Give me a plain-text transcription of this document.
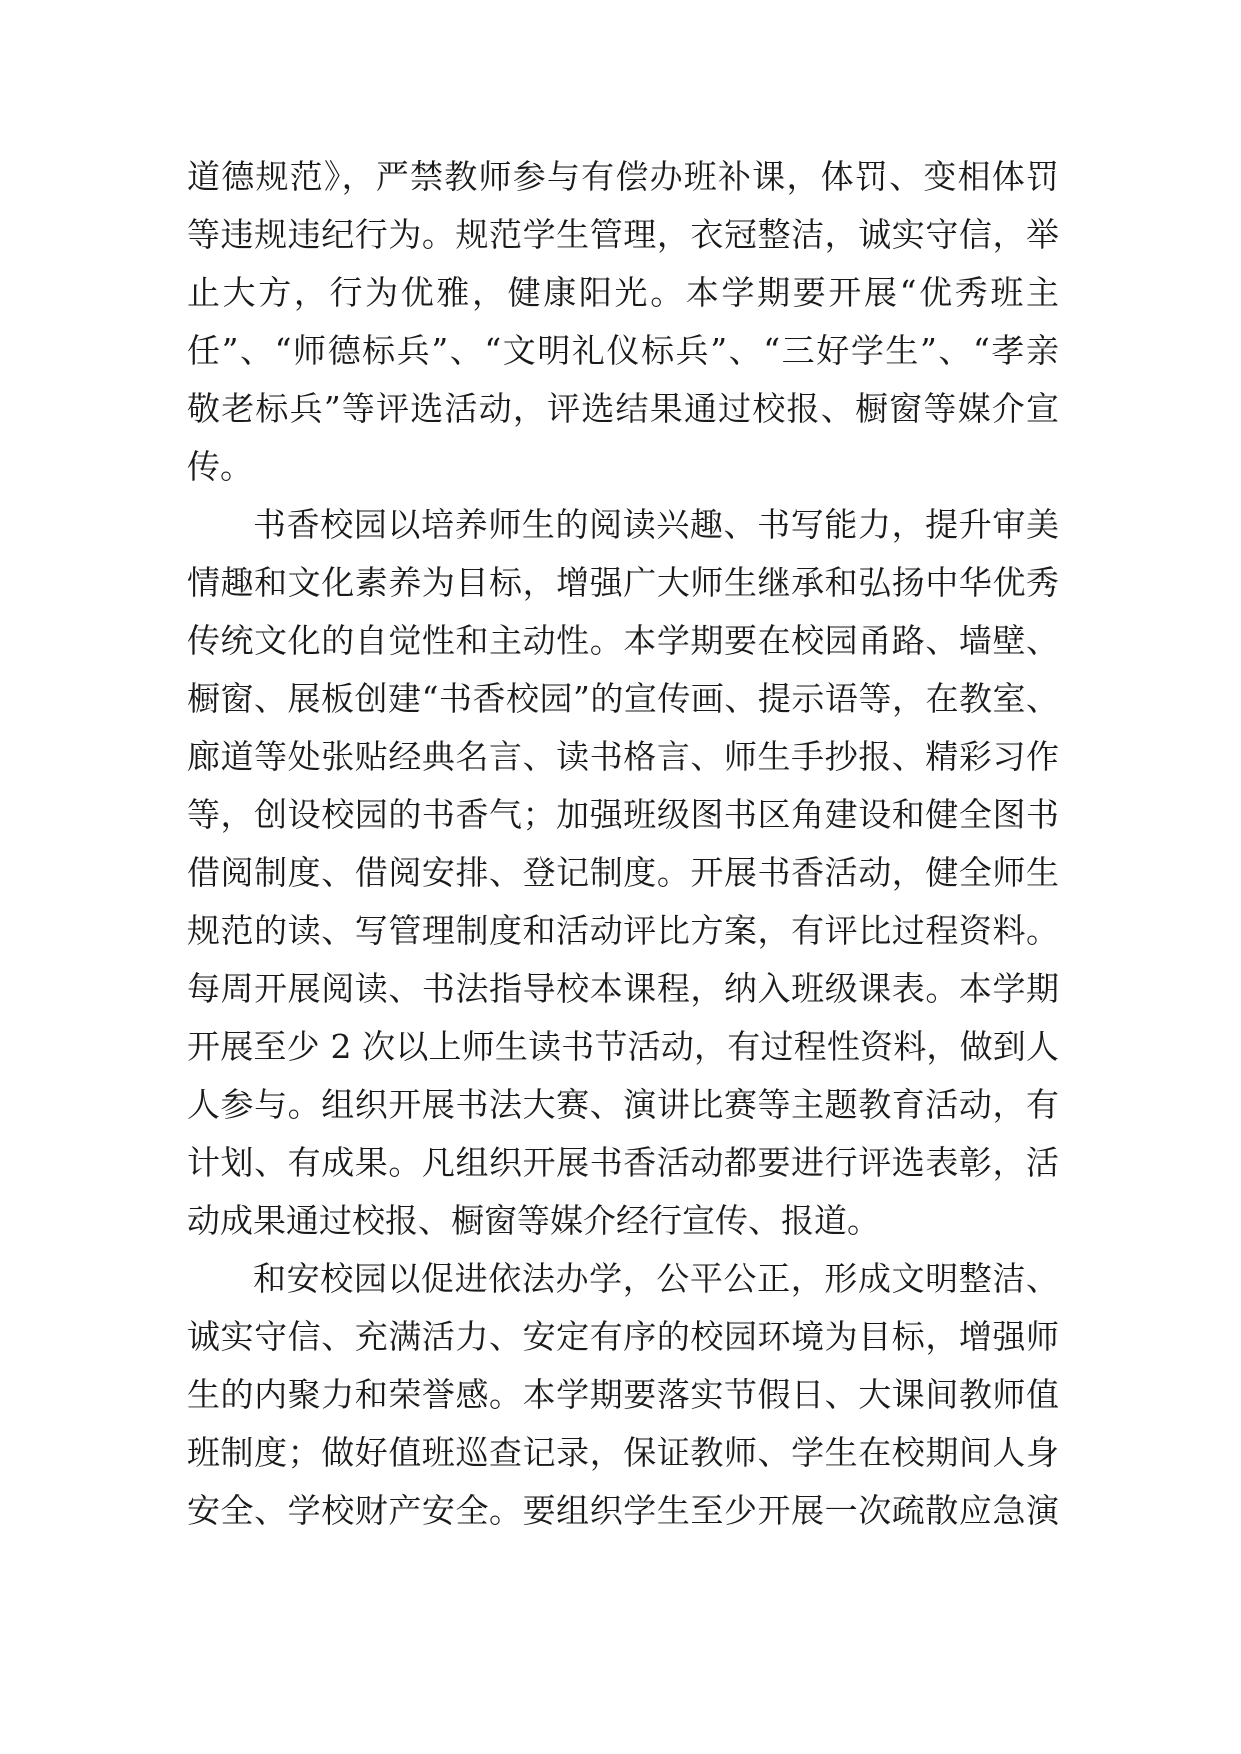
道德规范》，严禁教师参与有偿办班补课，体罚、变相体罚
等违规违纪行为。规范学生管理，衣冠整洁，诚实守信，举
止大方，行为优雅，健康阳光。本学期要开展“优秀班主
任”、“师德标兵”、“文明礼仪标兵”、“三好学生”、“孝亲
敬老标兵”等评选活动，评选结果通过校报、橱窗等媒介宣
传。
书香校园以培养师生的阅读兴趣、书写能力，提升审美
情趣和文化素养为目标，增强广大师生继承和弘扬中华优秀
传统文化的自觉性和主动性。本学期要在校园甬路、墙壁、
橱窗、展板创建“书香校园”的宣传画、提示语等，在教室、
廊道等处张贴经典名言、读书格言、师生手抄报、精彩习作
等，创设校园的书香气；加强班级图书区角建设和健全图书
借阅制度、借阅安排、登记制度。开展书香活动，健全师生
规范的读、写管理制度和活动评比方案，有评比过程资料。
每周开展阅读、书法指导校本课程，纳入班级课表。本学期
开展至少 2 次以上师生读书节活动，有过程性资料，做到人
人参与。组织开展书法大赛、演讲比赛等主题教育活动，有
计划、有成果。凡组织开展书香活动都要进行评选表彰，活
动成果通过校报、橱窗等媒介经行宣传、报道。
和安校园以促进依法办学，公平公正，形成文明整洁、
诚实守信、充满活力、安定有序的校园环境为目标，增强师
生的内聚力和荣誉感。本学期要落实节假日、大课间教师值
班制度；做好值班巡查记录，保证教师、学生在校期间人身
安全、学校财产安全。要组织学生至少开展一次疏散应急演
